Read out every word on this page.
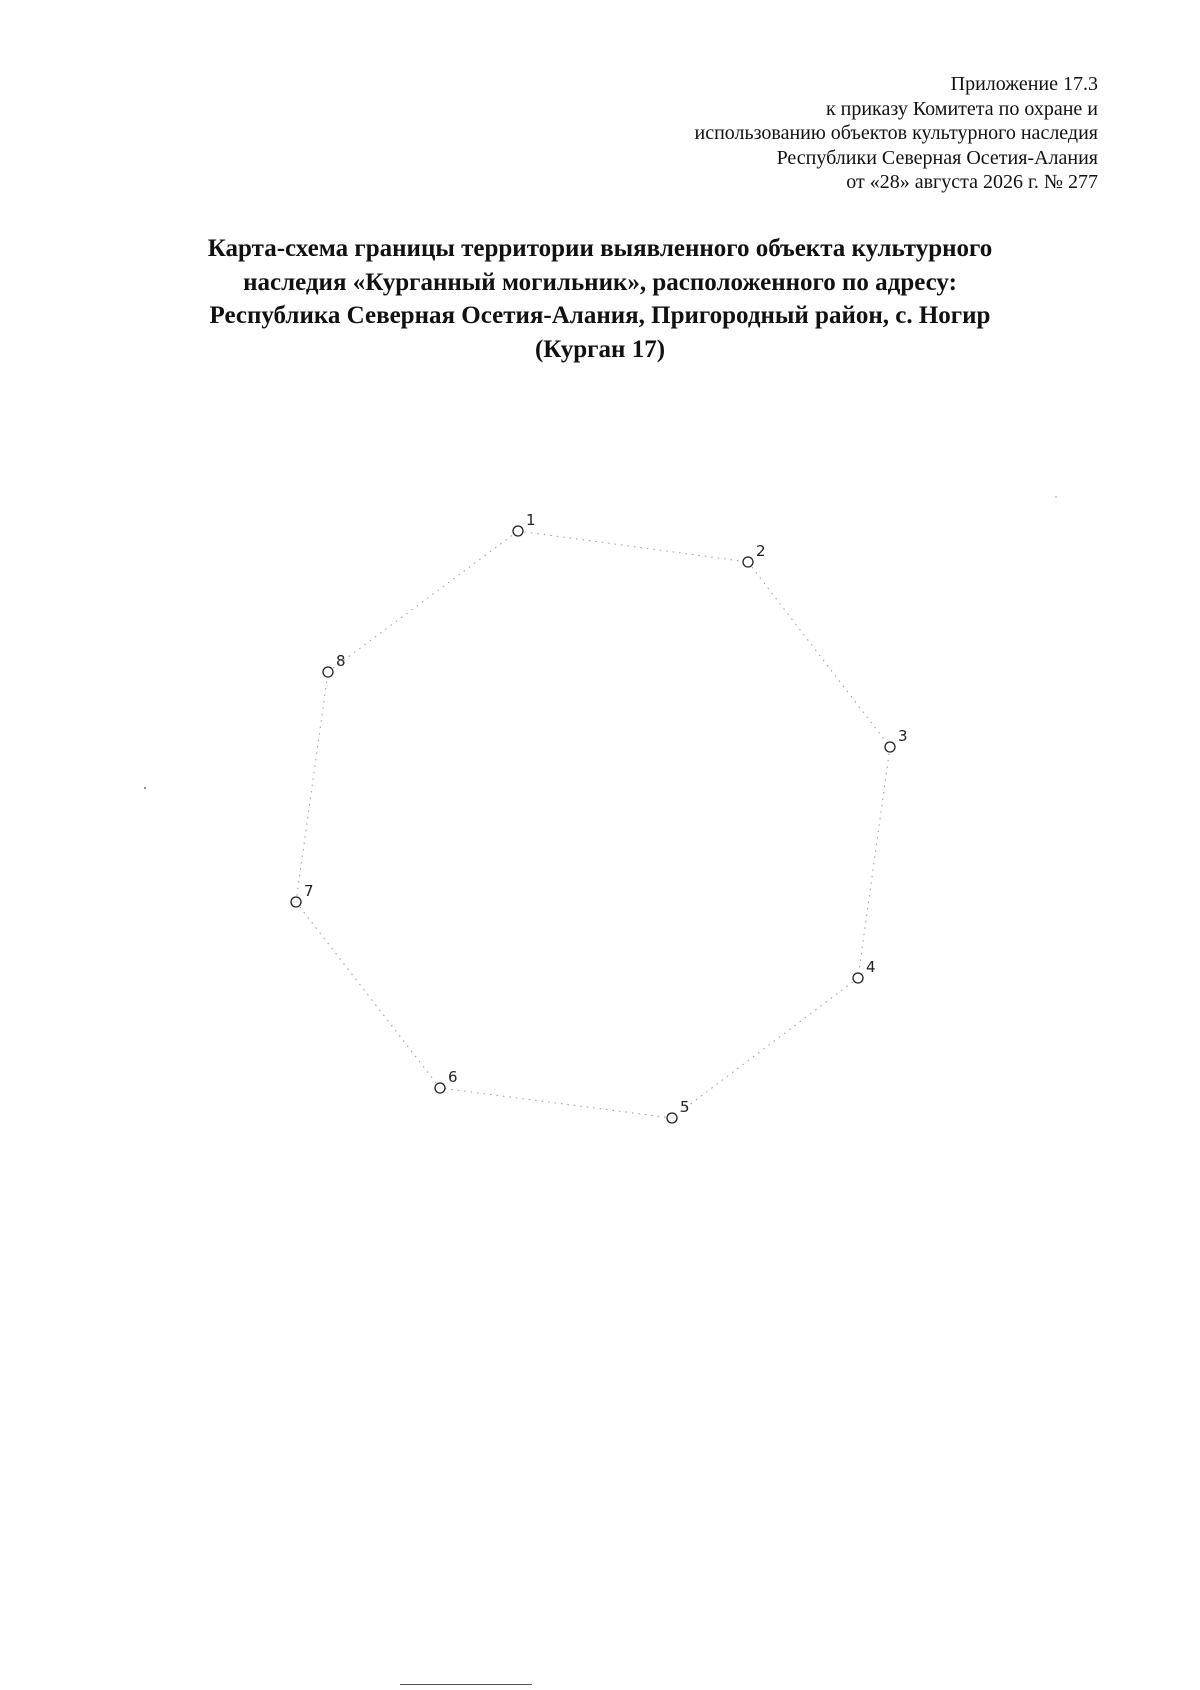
Приложение 17.3
к приказу Комитета по охране и
использованию объектов культурного наследия
Республики Северная Осетия-Алания
от «28» августа 2026 г. № 277
Карта-схема границы территории выявленного объекта культурного
наследия «Курганный могильник», расположенного по адресу:
Республика Северная Осетия-Алания, Пригородный район, с. Ногир
(Курган 17)
1
2
3
4
5
6
7
8
